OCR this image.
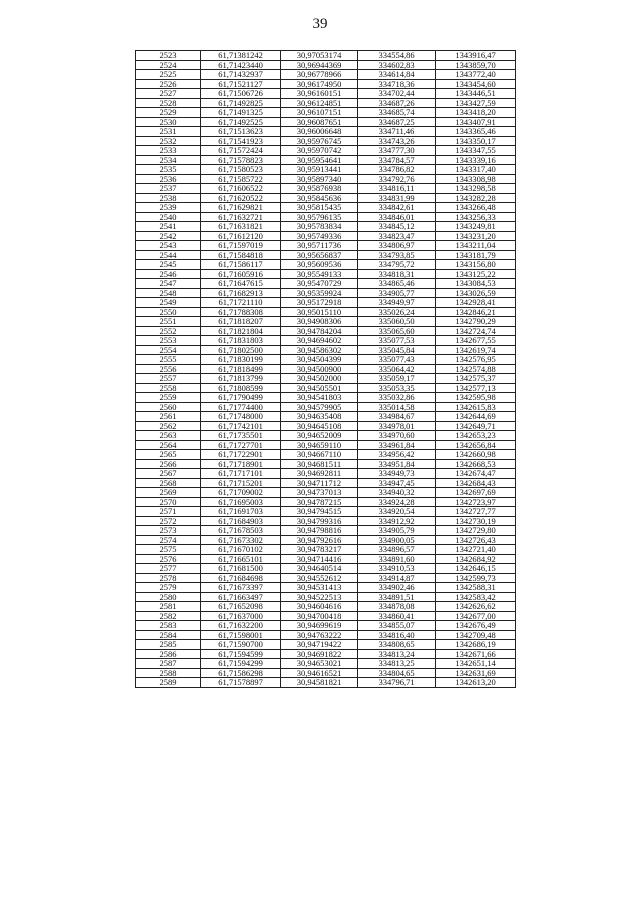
39
2523	61,71381242	30,97053174	334554,86	1343916,47
2524	61,71423440	30,96944369	334602,83	1343859,70
2525	61,71432937	30,96778966	334614,84	1343772,40
2526	61,71521127	30,96174950	334718,36	1343454,60
2527	61,71506726	30,96160151	334702,44	1343446,51
2528	61,71492825	30,96124851	334687,26	1343427,59
2529	61,71491325	30,96107151	334685,74	1343418,20
2530	61,71492525	30,96087651	334687,25	1343407,91
2531	61,71513623	30,96006648	334711,46	1343365,46
2532	61,71541923	30,95976745	334743,26	1343350,17
2533	61,71572424	30,95970742	334777,30	1343347,55
2534	61,71578823	30,95954641	334784,57	1343339,16
2535	61,71580523	30,95913441	334786,82	1343317,40
2536	61,71585722	30,95897340	334792,76	1343308,98
2537	61,71606522	30,95876938	334816,11	1343298,58
2538	61,71620522	30,95845636	334831,99	1343282,28
2539	61,71629821	30,95815435	334842,61	1343266,48
2540	61,71632721	30,95796135	334846,01	1343256,33
2541	61,71631821	30,95783834	334845,12	1343249,81
2542	61,71612120	30,95749336	334823,47	1343231,20
2543	61,71597019	30,95711736	334806,97	1343211,04
2544	61,71584818	30,95656837	334793,85	1343181,79
2545	61,71586117	30,95609536	334795,72	1343156,80
2546	61,71605916	30,95549133	334818,31	1343125,22
2547	61,71647615	30,95470729	334865,46	1343084,53
2548	61,71682913	30,95359924	334905,77	1343026,59
2549	61,71721110	30,95172918	334949,97	1342928,41
2550	61,71788308	30,95015110	335026,24	1342846,21
2551	61,71818207	30,94908306	335060,50	1342790,29
2552	61,71821804	30,94784204	335065,60	1342724,74
2553	61,71831803	30,94694602	335077,53	1342677,55
2554	61,71802500	30,94586302	335045,84	1342619,74
2555	61,71830199	30,94504399	335077,43	1342576,95
2556	61,71818499	30,94500900	335064,42	1342574,88
2557	61,71813799	30,94502000	335059,17	1342575,37
2558	61,71808599	30,94505501	335053,35	1342577,13
2559	61,71790499	30,94541803	335032,86	1342595,98
2560	61,71774400	30,94579905	335014,58	1342615,83
2561	61,71748000	30,94635408	334984,67	1342644,69
2562	61,71742101	30,94645108	334978,01	1342649,71
2563	61,71735501	30,94652009	334970,60	1342653,23
2564	61,71727701	30,94659110	334961,84	1342656,84
2565	61,71722901	30,94667110	334956,42	1342660,98
2566	61,71718901	30,94681511	334951,84	1342668,53
2567	61,71717101	30,94692811	334949,73	1342674,47
2568	61,71715201	30,94711712	334947,45	1342684,43
2569	61,71709002	30,94737013	334940,32	1342697,69
2570	61,71695003	30,94787215	334924,28	1342723,97
2571	61,71691703	30,94794515	334920,54	1342727,77
2572	61,71684903	30,94799316	334912,92	1342730,19
2573	61,71678503	30,94798816	334905,79	1342729,80
2574	61,71673302	30,94792616	334900,05	1342726,43
2575	61,71670102	30,94783217	334896,57	1342721,40
2576	61,71665101	30,94714416	334891,60	1342684,92
2577	61,71681500	30,94640514	334910,53	1342646,15
2578	61,71684698	30,94552612	334914,87	1342599,73
2579	61,71673397	30,94531413	334902,46	1342588,31
2580	61,71663497	30,94522513	334891,51	1342583,42
2581	61,71652098	30,94604616	334878,08	1342626,62
2582	61,71637000	30,94700418	334860,41	1342677,00
2583	61,71632200	30,94699619	334855,07	1342676,49
2584	61,71598001	30,94763222	334816,40	1342709,48
2585	61,71590700	30,94719422	334808,65	1342686,19
2586	61,71594599	30,94691822	334813,24	1342671,66
2587	61,71594299	30,94653021	334813,25	1342651,14
2588	61,71586298	30,94616521	334804,65	1342631,69
2589	61,71578897	30,94581821	334796,71	1342613,20
